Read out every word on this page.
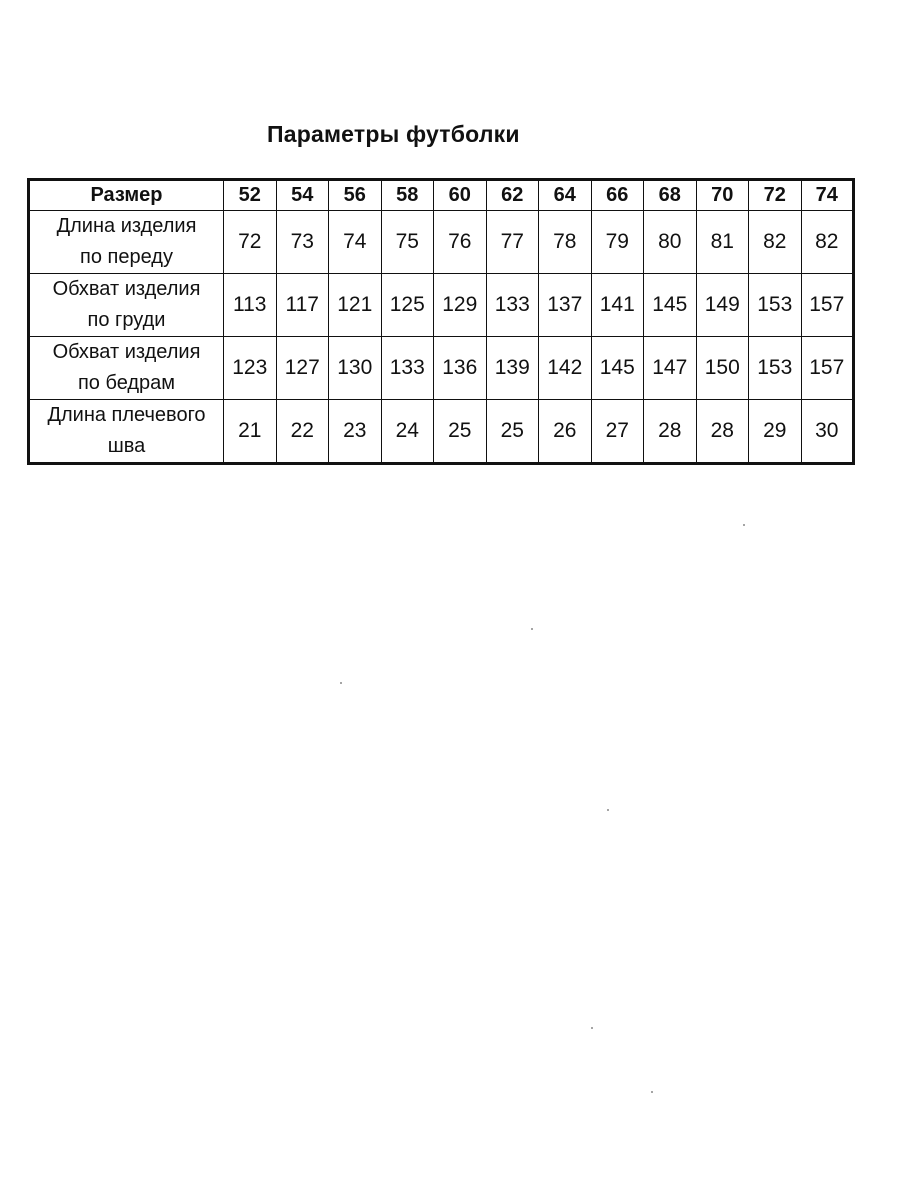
Параметры футболки
Размер	52	54	56	58	60	62	64	66	68	70	72	74

Длина изделия
по переду	72	73	74	75	76	77	78	79	80	81	82	82

Обхват изделия
по груди	113	117	121	125	129	133	137	141	145	149	153	157

Обхват изделия
по бедрам	123	127	130	133	136	139	142	145	147	150	153	157

Длина плечевого
шва	21	22	23	24	25	25	26	27	28	28	29	30
